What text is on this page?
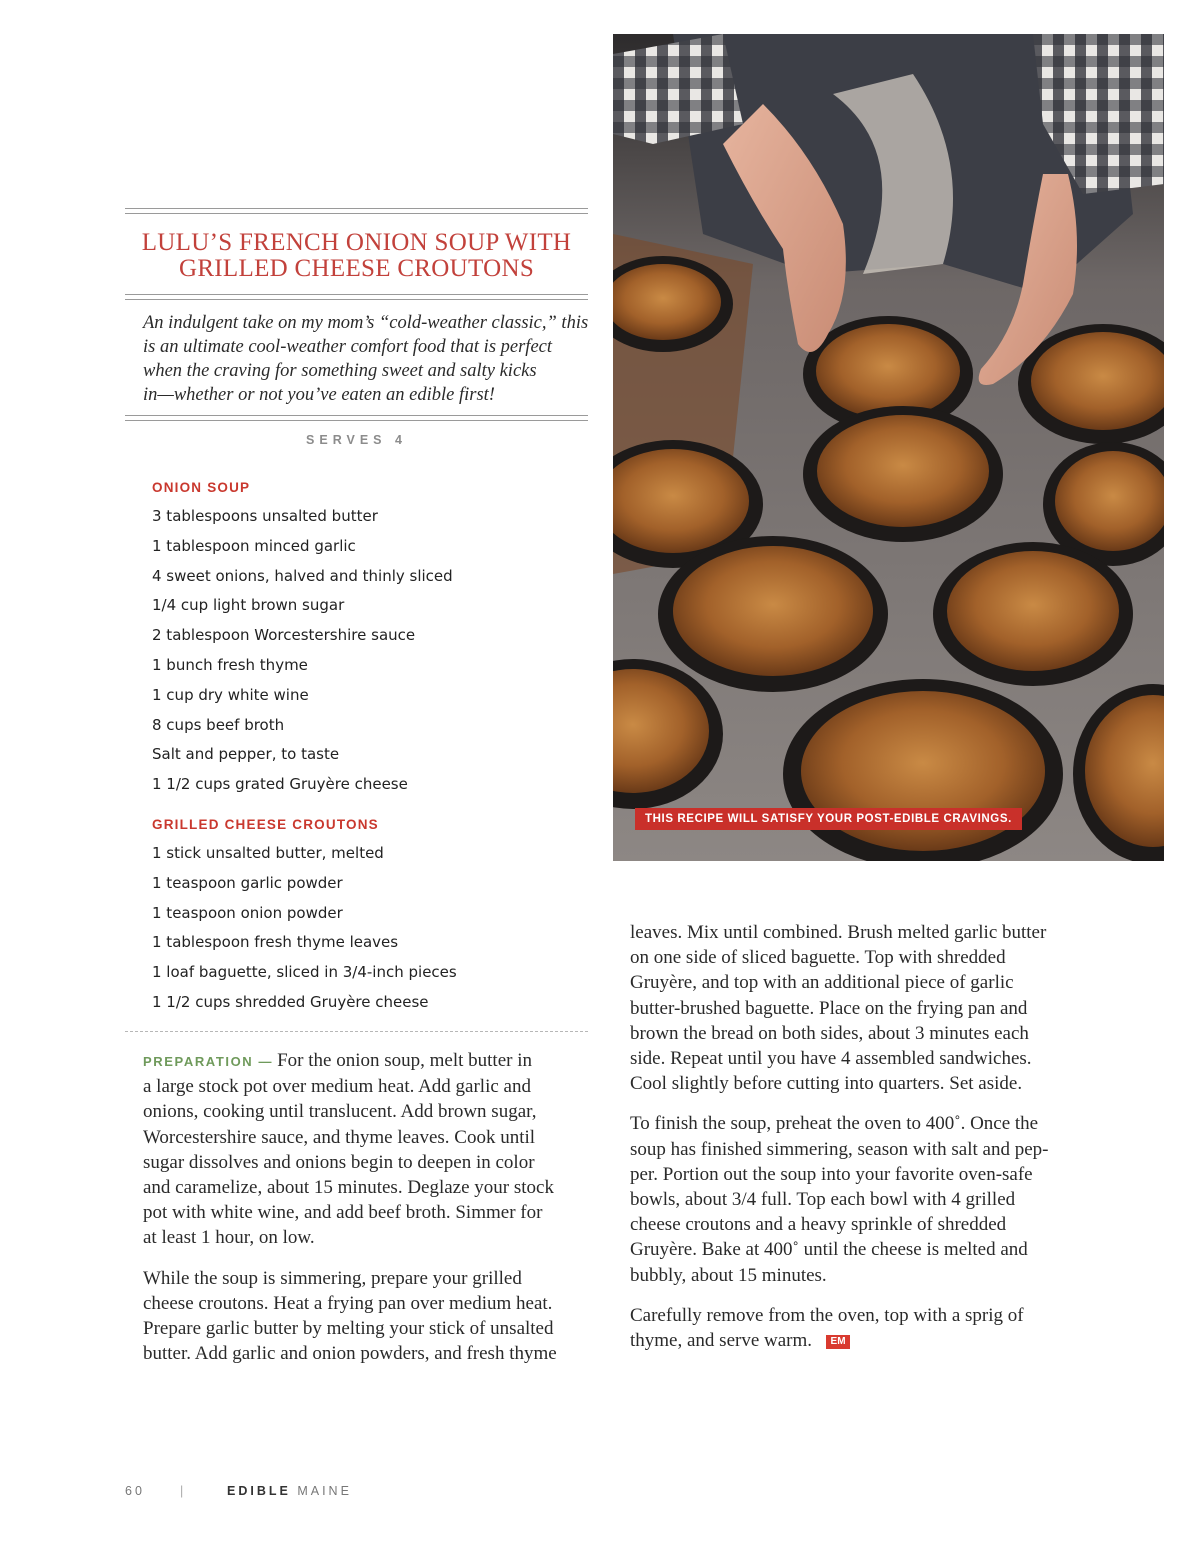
LULU’S FRENCH ONION SOUP WITH
GRILLED CHEESE CROUTONS
An indulgent take on my mom’s “cold-weather classic,” this
is an ultimate cool-weather comfort food that is perfect
when the craving for something sweet and salty kicks
in—whether or not you’ve eaten an edible first!
SERVES 4
ONION SOUP
3 tablespoons unsalted butter
1 tablespoon minced garlic
4 sweet onions, halved and thinly sliced
1/4 cup light brown sugar
2 tablespoon Worcestershire sauce
1 bunch fresh thyme
1 cup dry white wine
8 cups beef broth
Salt and pepper, to taste
1 1/2 cups grated Gruyère cheese
GRILLED CHEESE CROUTONS
1 stick unsalted butter, melted
1 teaspoon garlic powder
1 teaspoon onion powder
1 tablespoon fresh thyme leaves
1 loaf baguette, sliced in 3/4-inch pieces
1 1/2 cups shredded Gruyère cheese
PREPARATION — For the onion soup, melt butter in
a large stock pot over medium heat. Add garlic and
onions, cooking until translucent. Add brown sugar,
Worcestershire sauce, and thyme leaves. Cook until
sugar dissolves and onions begin to deepen in color
and caramelize, about 15 minutes. Deglaze your stock
pot with white wine, and add beef broth. Simmer for
at least 1 hour, on low.
While the soup is simmering, prepare your grilled
cheese croutons. Heat a frying pan over medium heat.
Prepare garlic butter by melting your stick of unsalted
butter. Add garlic and onion powders, and fresh thyme
THIS RECIPE WILL SATISFY YOUR POST-EDIBLE CRAVINGS.
leaves. Mix until combined. Brush melted garlic butter
on one side of sliced baguette. Top with shredded
Gruyère, and top with an additional piece of garlic
butter-brushed baguette. Place on the frying pan and
brown the bread on both sides, about 3 minutes each
side. Repeat until you have 4 assembled sandwiches.
Cool slightly before cutting into quarters. Set aside.
To finish the soup, preheat the oven to 400˚. Once the
soup has finished simmering, season with salt and pep-
per. Portion out the soup into your favorite oven-safe
bowls, about 3/4 full. Top each bowl with 4 grilled
cheese croutons and a heavy sprinkle of shredded
Gruyère. Bake at 400˚ until the cheese is melted and
bubbly, about 15 minutes.
Carefully remove from the oven, top with a sprig of
thyme, and serve warm. EM
60	|	EDIBLE MAINE
